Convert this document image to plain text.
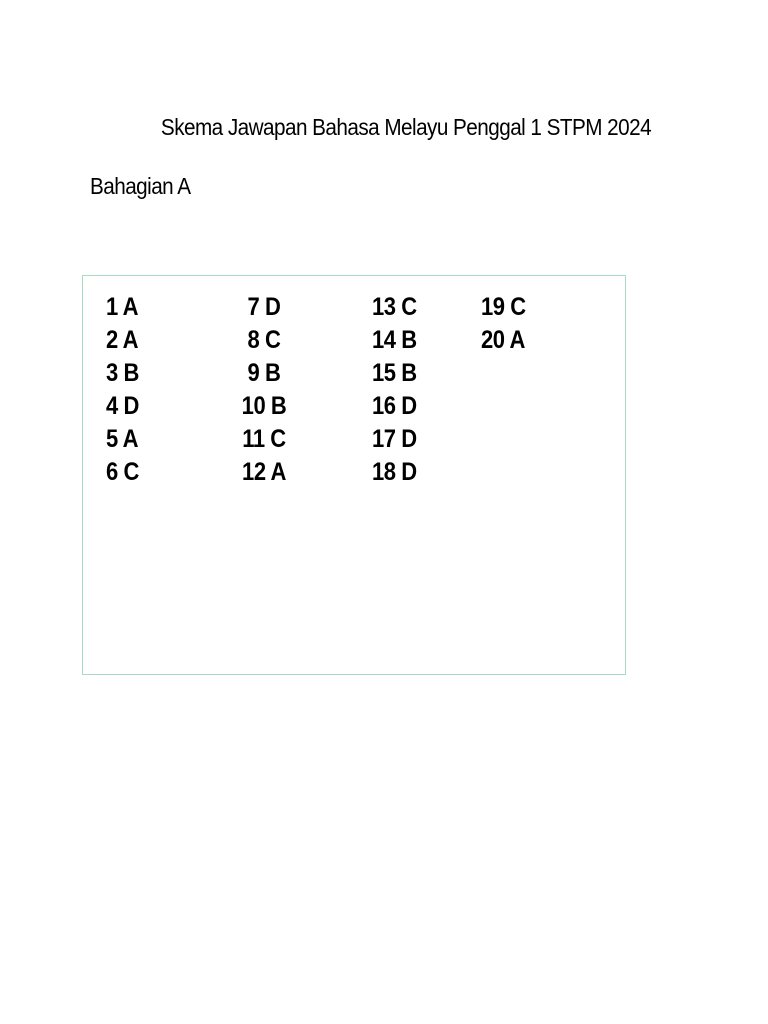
Skema Jawapan Bahasa Melayu Penggal 1 STPM 2024
Bahagian A
1 A
2 A
3 B
4 D
5 A
6 C
7 D
8 C
9 B
10 B
11 C
12 A
13 C
14 B
15 B
16 D
17 D
18 D
19 C
20 A
